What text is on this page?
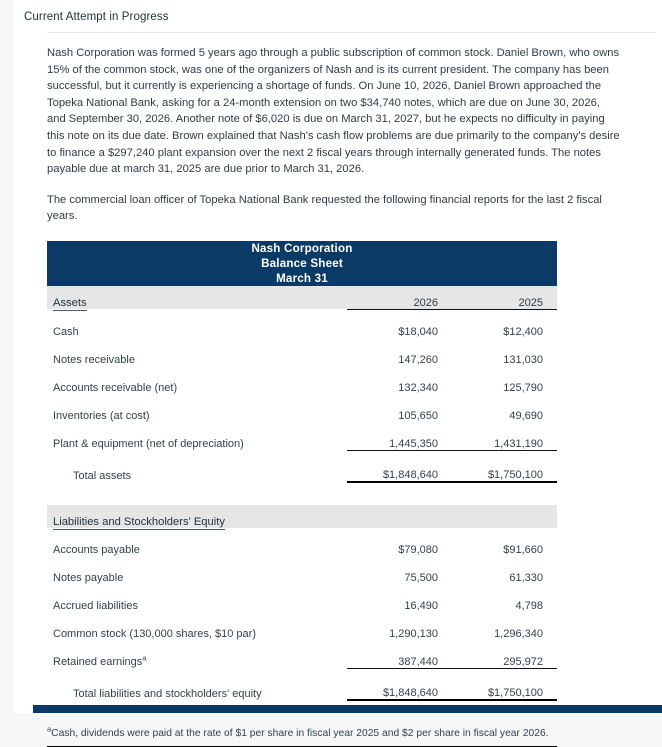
Current Attempt in Progress

Nash Corporation was formed 5 years ago through a public subscription of common stock. Daniel Brown, who owns 15% of the common stock, was one of the organizers of Nash and is its current president. The company has been successful, but it currently is experiencing a shortage of funds. On June 10, 2026, Daniel Brown approached the Topeka National Bank, asking for a 24-month extension on two $34,740 notes, which are due on June 30, 2026, and September 30, 2026. Another note of $6,020 is due on March 31, 2027, but he expects no difficulty in paying this note on its due date. Brown explained that Nash's cash flow problems are due primarily to the company's desire to finance a $297,240 plant expansion over the next 2 fiscal years through internally generated funds. The notes payable due at march 31, 2025 are due prior to March 31, 2026.

The commercial loan officer of Topeka National Bank requested the following financial reports for the last 2 fiscal years.

Nash Corporation
Balance Sheet
March 31		

Assets	2026	2025
Cash	$18,040	$12,400
Notes receivable	147,260	131,030
Accounts receivable (net)	132,340	125,790
Inventories (at cost)	105,650	49,690
Plant & equipment (net of depreciation)	1,445,350	1,431,190
Total assets	$1,848,640	$1,750,100

Liabilities and Stockholders' Equity		
Accounts payable	$79,080	$91,660
Notes payable	75,500	61,330
Accrued liabilities	16,490	4,798
Common stock (130,000 shares, $10 par)	1,290,130	1,296,340
Retained earnings$^a$	387,440	295,972
Total liabilities and stockholders' equity	$1,848,640	$1,750,100
$^a$Cash, dividends were paid at the rate of $1 per share in fiscal year 2025 and $2 per share in fiscal year 2026.
